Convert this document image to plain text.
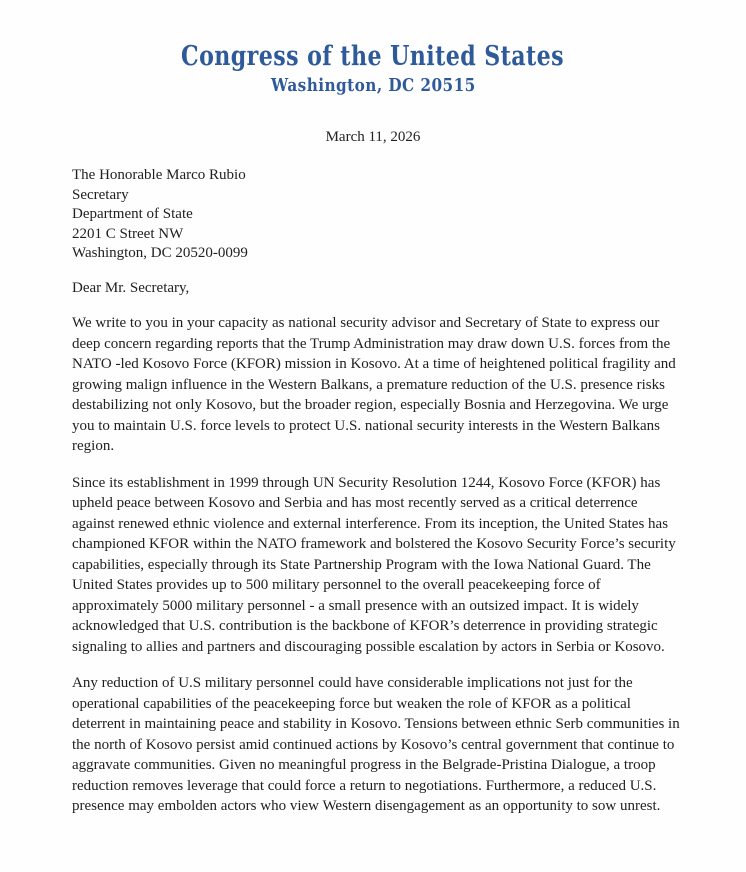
Congress of the United States
Washington, DC 20515
March 11, 2026
The Honorable Marco Rubio
Secretary
Department of State
2201 C Street NW
Washington, DC 20520-0099
Dear Mr. Secretary,

We write to you in your capacity as national security advisor and Secretary of State to express our deep concern regarding reports that the Trump Administration may draw down U.S. forces from the NATO -led Kosovo Force (KFOR) mission in Kosovo. At a time of heightened political fragility and growing malign influence in the Western Balkans, a premature reduction of the U.S. presence risks destabilizing not only Kosovo, but the broader region, especially Bosnia and Herzegovina. We urge you to maintain U.S. force levels to protect U.S. national security interests in the Western Balkans region.

Since its establishment in 1999 through UN Security Resolution 1244, Kosovo Force (KFOR) has upheld peace between Kosovo and Serbia and has most recently served as a critical deterrence against renewed ethnic violence and external interference. From its inception, the United States has championed KFOR within the NATO framework and bolstered the Kosovo Security Force’s security capabilities, especially through its State Partnership Program with the Iowa National Guard. The United States provides up to 500 military personnel to the overall peacekeeping force of approximately 5000 military personnel - a small presence with an outsized impact. It is widely acknowledged that U.S. contribution is the backbone of KFOR’s deterrence in providing strategic signaling to allies and partners and discouraging possible escalation by actors in Serbia or Kosovo.

Any reduction of U.S military personnel could have considerable implications not just for the operational capabilities of the peacekeeping force but weaken the role of KFOR as a political deterrent in maintaining peace and stability in Kosovo. Tensions between ethnic Serb communities in the north of Kosovo persist amid continued actions by Kosovo’s central government that continue to aggravate communities. Given no meaningful progress in the Belgrade-Pristina Dialogue, a troop reduction removes leverage that could force a return to negotiations. Furthermore, a reduced U.S. presence may embolden actors who view Western disengagement as an opportunity to sow unrest.
